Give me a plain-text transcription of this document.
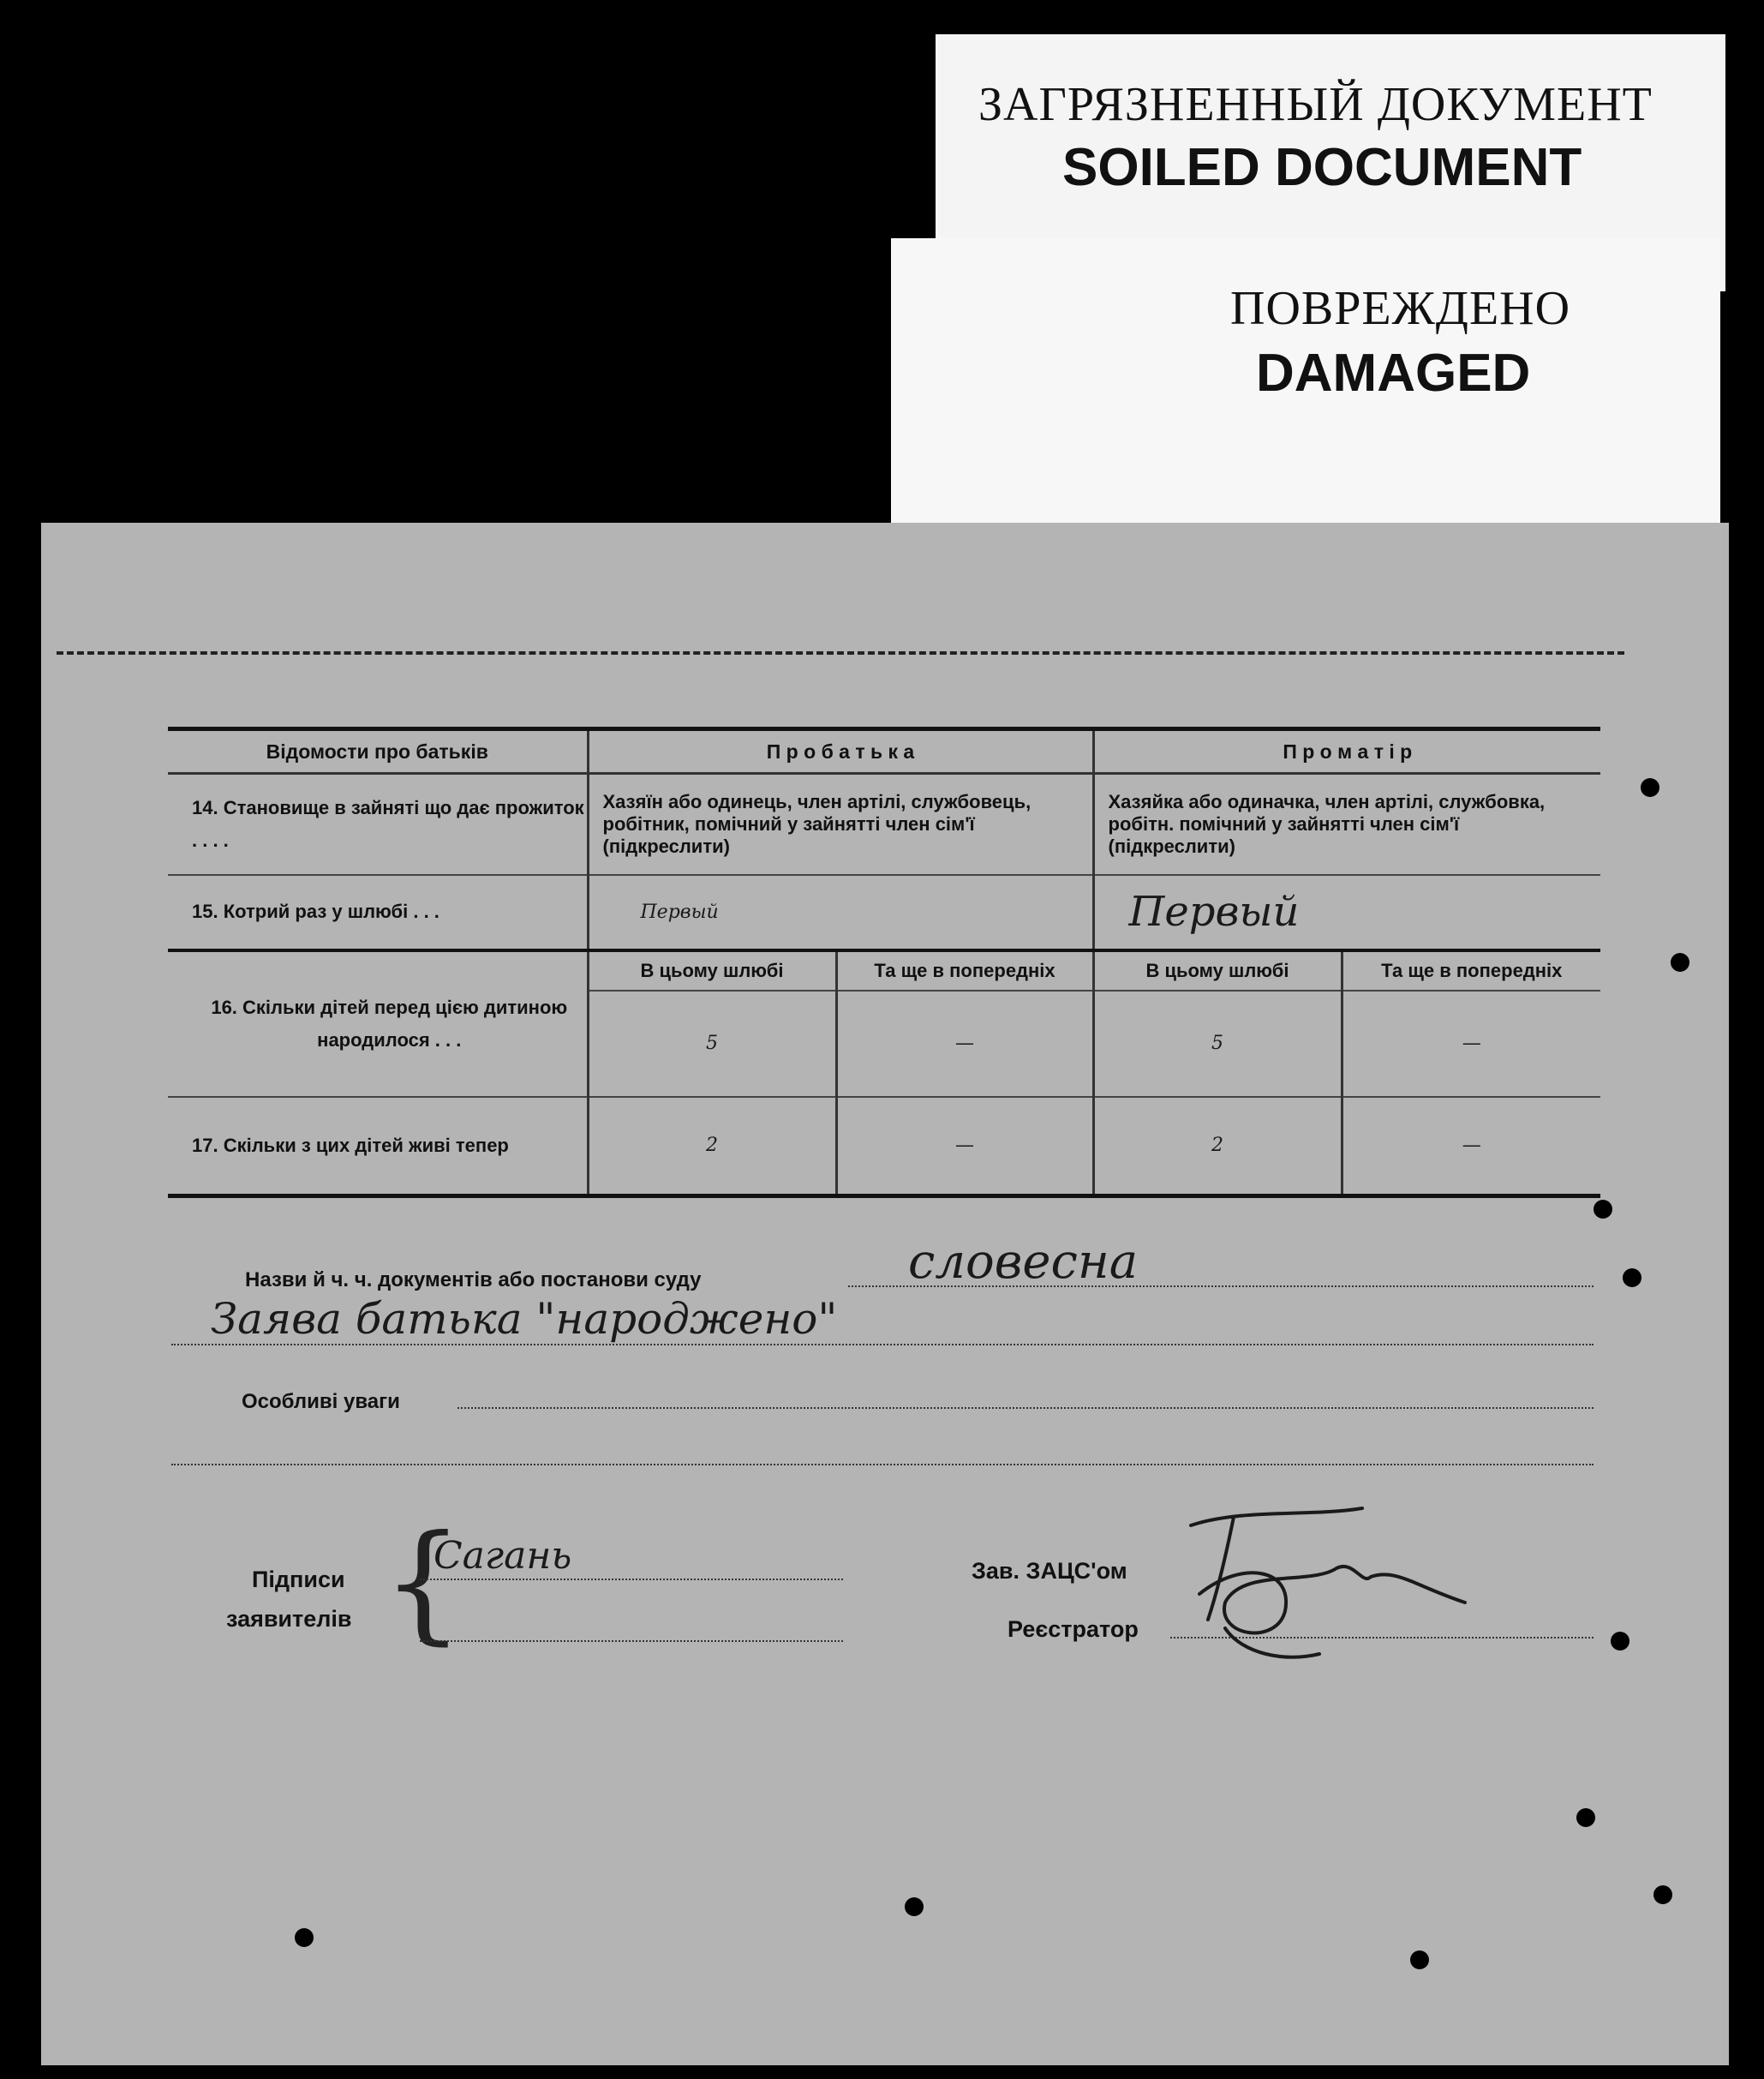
ЗАГРЯЗНЕННЫЙ ДОКУМЕНТ
SOILED DOCUMENT
ПОВРЕЖДЕНО
DAMAGED
Відомости про батьків	П р о б а т ь к а		П р о м а т і р	
14. Становище в зайняті що дає прожиток . . . .	Хазяїн або одинець, член артілі, службовець, робітник, помічний у зайнятті член сім'ї (підкреслити)		Хазяйка або одиначка, член артілі, службовка, робітн. помічний у зайнятті член сім'ї (підкреслити)	
15. Котрий раз у шлюбі . . .	Первый		Первый	
16. Скільки дітей перед цією дитиною народилося . . .	В цьому шлюбі	Та ще в попередніх	В цьому шлюбі	Та ще в попередніх
	5	—	5	—
17. Скільки з цих дітей живі тепер	2	—	2	—
Назви й ч. ч. документів або постанови суду	словесна
Заява батька "народжено"
Особливі уваги
Підписи
заявителів {
Сагань	Зав. ЗАЦС'ом
Реєстратор
